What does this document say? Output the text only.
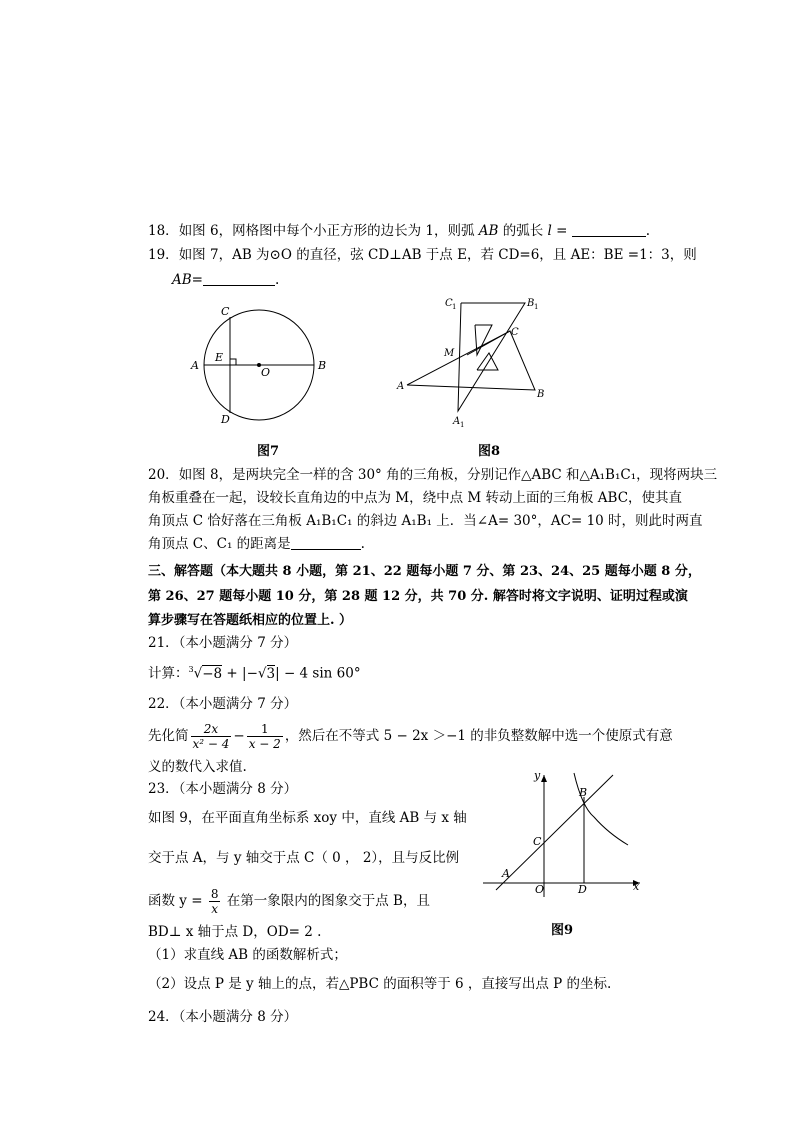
18．如图 6，网格图中每个小正方形的边长为 1，则弧 AB 的弧长 l =	.
19．如图 7，AB 为⊙O 的直径，弦 CD⊥AB 于点 E，若 CD=6，且 AE：BE =1：3，则
AB=	.
A	B
C
D
E
O
图7
C 1	B 1
C
M
A
B
A 1
图8
20．如图 8，是两块完全一样的含 30° 角的三角板，分别记作△ABC 和△A₁B₁C₁，现将两块三
角板重叠在一起，设较长直角边的中点为 M，绕中点 M 转动上面的三角板 ABC，使其直
角顶点 C 恰好落在三角板 A₁B₁C₁ 的斜边 A₁B₁ 上．当∠A= 30°，AC= 10 时，则此时两直
角顶点 C、C₁ 的距离是	.
三、解答题（本大题共 8 小题，第 21、22 题每小题 7 分、第 23、24、25 题每小题 8 分，
第 26、27 题每小题 10 分，第 28 题 12 分，共 70 分. 解答时将文字说明、证明过程或演
算步骤写在答题纸相应的位置上. ）
21．（本小题满分 7 分）
计算：$^3$√−8 + |−√3| − 4 sin 60°
22．（本小题满分 7 分）
先化简 $\frac{2x}{\text{x² − 4}} - \frac{1}{x - 2}$ ，然后在不等式 5 − 2x ＞−1 的非负整数解中选一个使原式有意
义的数代入求值.
23．（本小题满分 8 分）
如图 9，在平面直角坐标系 xoy 中，直线 AB 与 x 轴
交于点 A，与 y 轴交于点 C（ 0 ， 2），且与反比例
函数 $y = \frac{8}{x}$ 在第一象限内的图象交于点 B，且
BD⊥ x 轴于点 D，OD= 2 .
（1）求直线 AB 的函数解析式；
（2）设点 P 是 y 轴上的点，若△PBC 的面积等于 6 ，直接写出点 P 的坐标.
y
x
A
B
C
O	D
图9
24．（本小题满分 8 分）
